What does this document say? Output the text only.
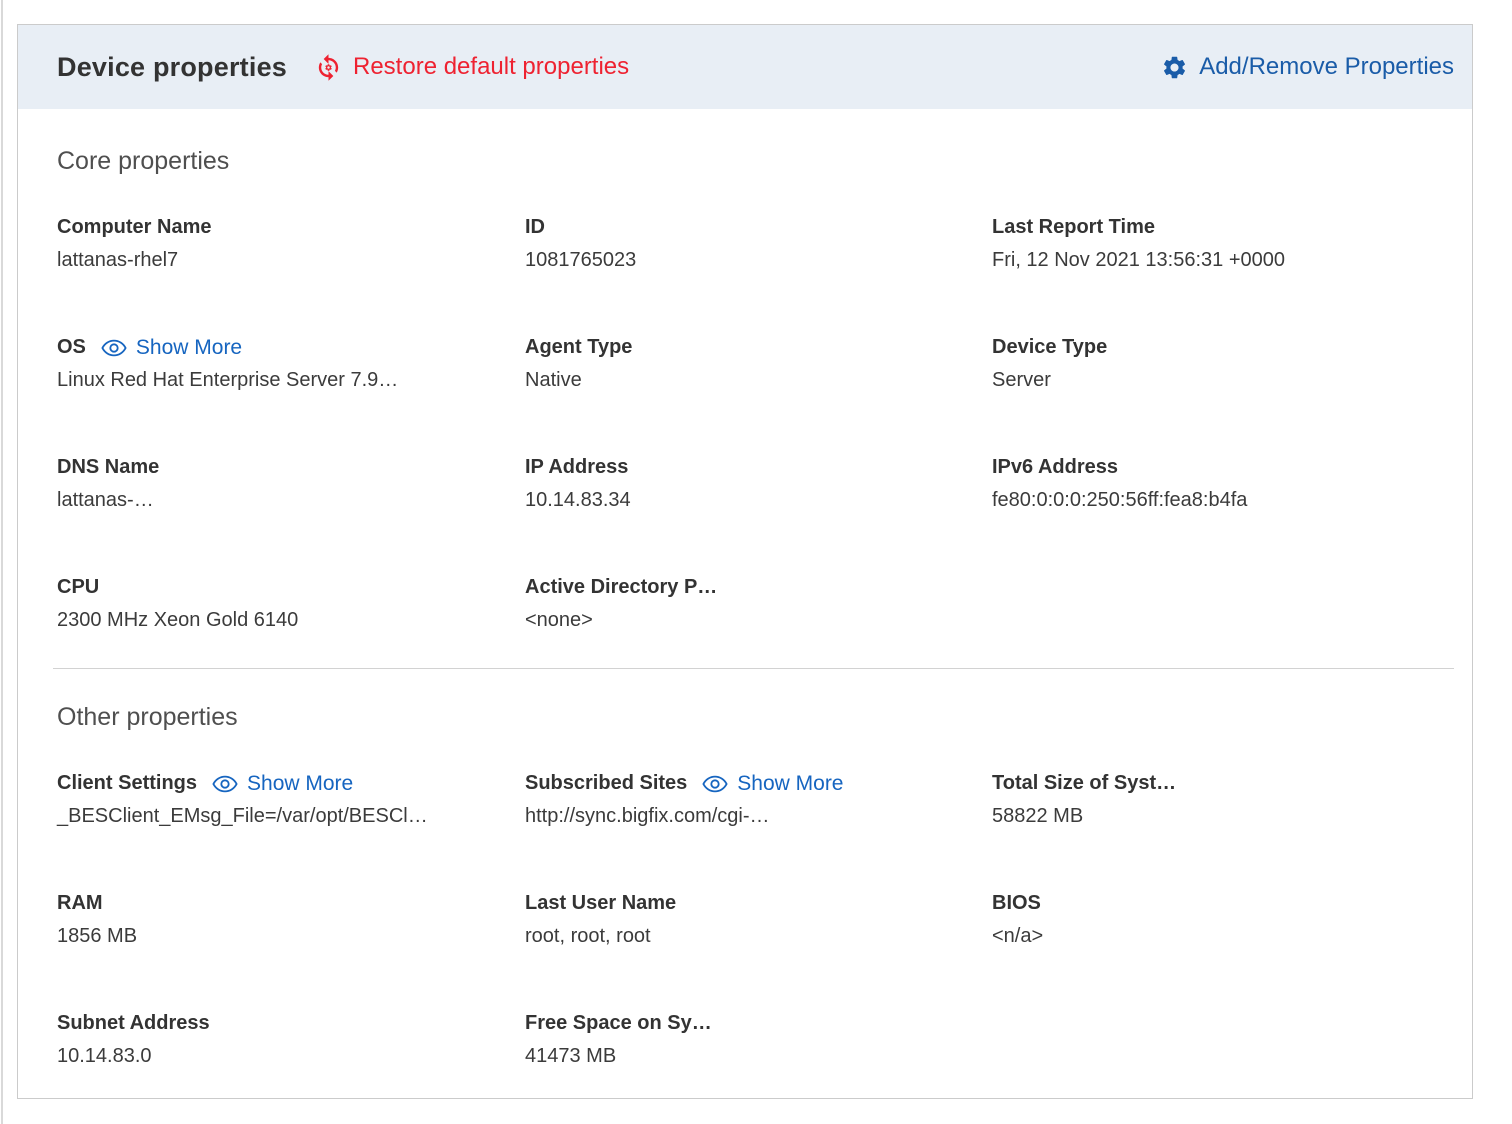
Device properties	Restore default properties	Add/Remove Properties
Core properties
Computer Name
lattanas-rhel7
ID
1081765023
Last Report Time
Fri, 12 Nov 2021 13:56:31 +0000
OS Show More
Linux Red Hat Enterprise Server 7.9…
Agent Type
Native
Device Type
Server
DNS Name
lattanas-…
IP Address
10.14.83.34
IPv6 Address
fe80:0:0:0:250:56ff:fea8:b4fa
CPU
2300 MHz Xeon Gold 6140
Active Directory P…
<none>
Other properties
Client Settings Show More
_BESClient_EMsg_File=/var/opt/BESCl…
Subscribed Sites Show More
http://sync.bigfix.com/cgi-…
Total Size of Syst…
58822 MB
RAM
1856 MB
Last User Name
root, root, root
BIOS
<n/a>
Subnet Address
10.14.83.0
Free Space on Sy…
41473 MB
